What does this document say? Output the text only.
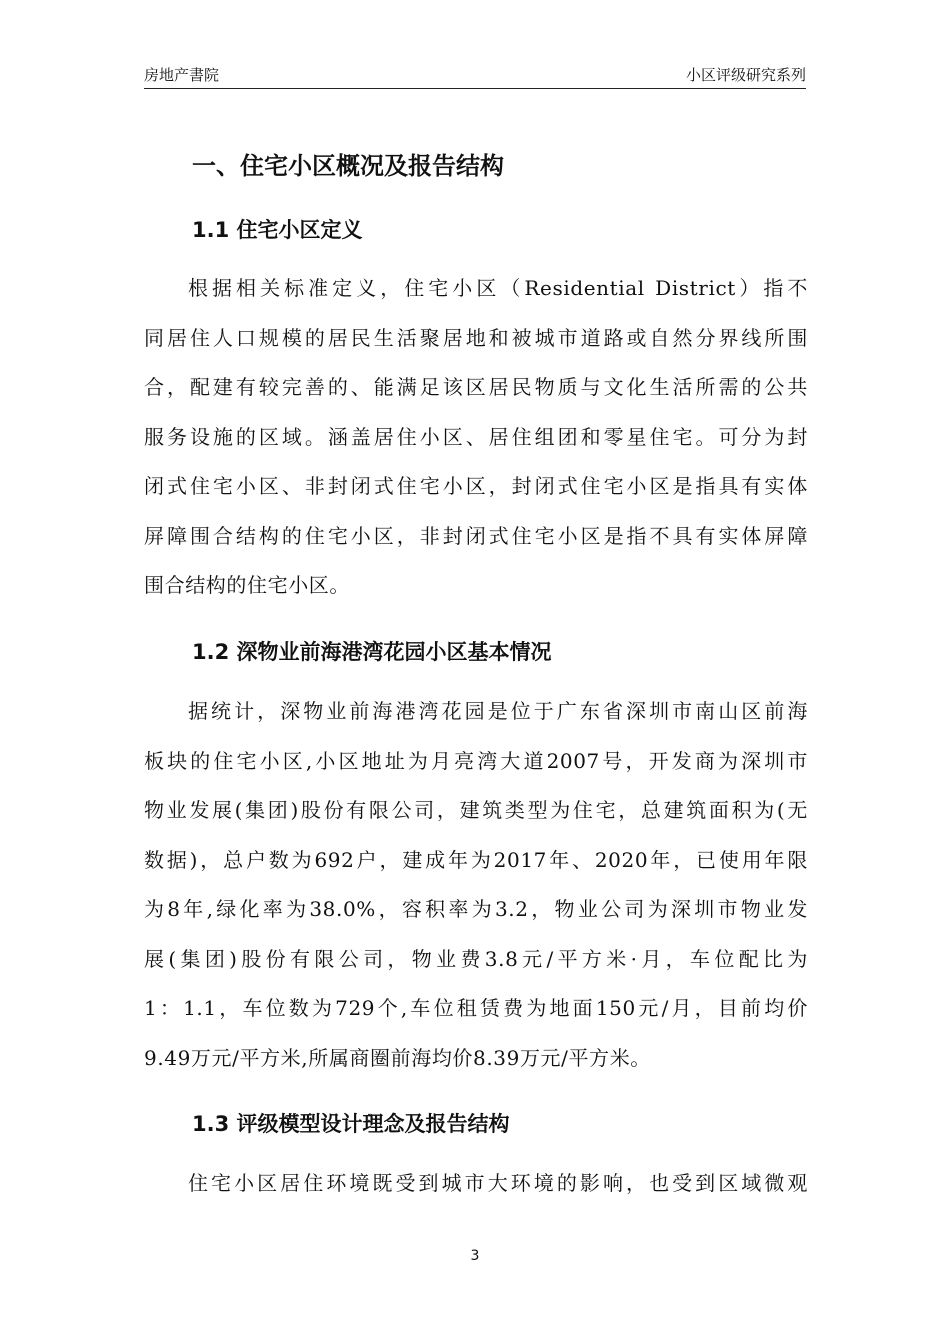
房地产書院	小区评级研究系列
一、住宅小区概况及报告结构
1.1 住宅小区定义
根据相关标准定义，住宅小区（Residential District）指不
同居住人口规模的居民生活聚居地和被城市道路或自然分界线所围
合，配建有较完善的、能满足该区居民物质与文化生活所需的公共
服务设施的区域。涵盖居住小区、居住组团和零星住宅。可分为封
闭式住宅小区、非封闭式住宅小区，封闭式住宅小区是指具有实体
屏障围合结构的住宅小区，非封闭式住宅小区是指不具有实体屏障
围合结构的住宅小区。
1.2 深物业前海港湾花园小区基本情况
据统计，深物业前海港湾花园是位于广东省深圳市南山区前海
板块的住宅小区,小区地址为月亮湾大道2007号，开发商为深圳市
物业发展(集团)股份有限公司，建筑类型为住宅，总建筑面积为(无
数据)，总户数为692户，建成年为2017年、2020年，已使用年限
为8年,绿化率为38.0%，容积率为3.2，物业公司为深圳市物业发
展(集团)股份有限公司，物业费3.8元/平方米·月，车位配比为
1：1.1，车位数为729个,车位租赁费为地面150元/月，目前均价
9.49万元/平方米,所属商圈前海均价8.39万元/平方米。
1.3 评级模型设计理念及报告结构
住宅小区居住环境既受到城市大环境的影响，也受到区域微观
3
